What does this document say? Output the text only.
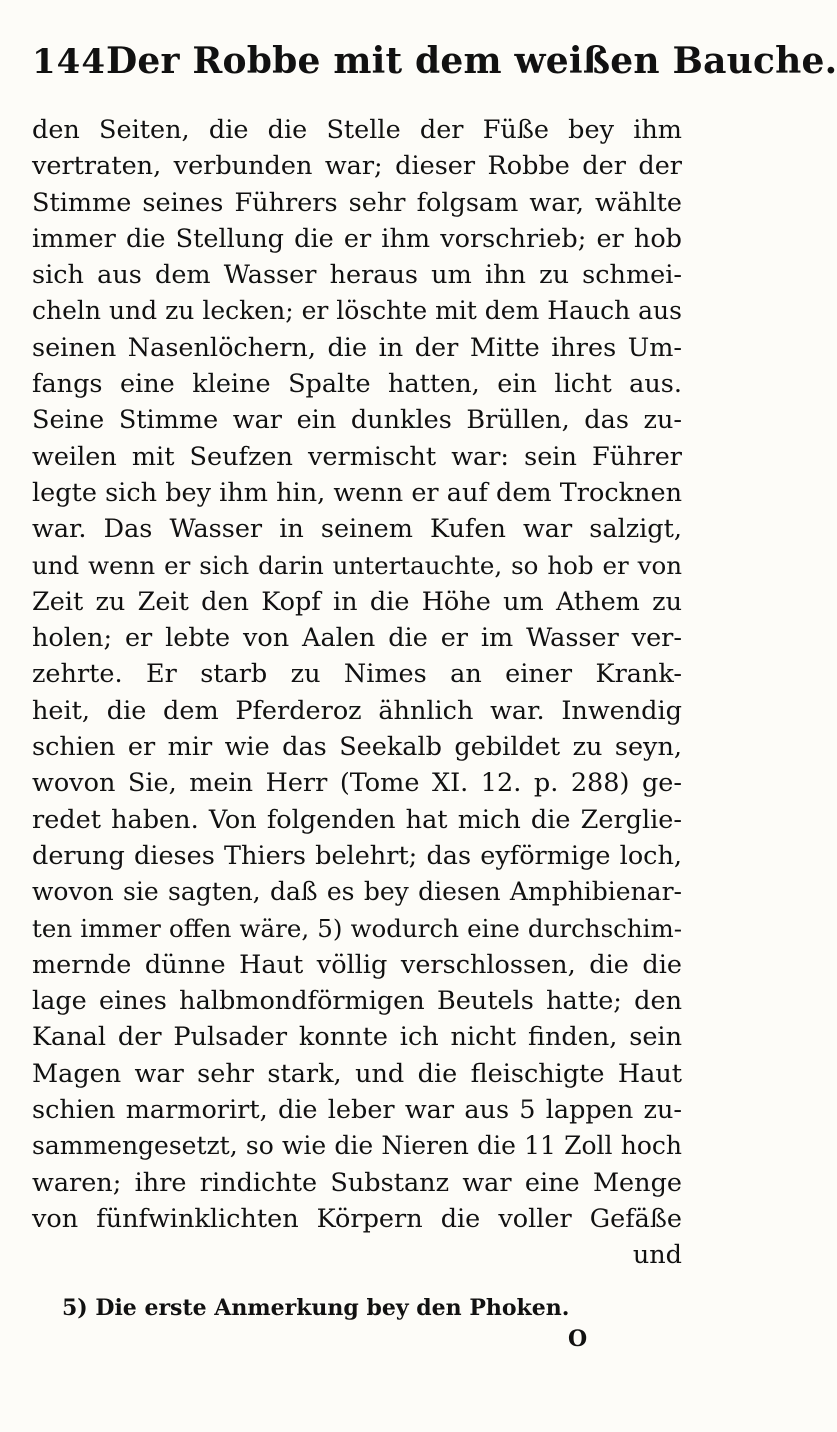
144 Der Robbe mit dem weißen Bauche.
den Seiten, die die Stelle der Füße bey ihm
vertraten, verbunden war; dieser Robbe der der
Stimme seines Führers sehr folgsam war, wählte
immer die Stellung die er ihm vorschrieb; er hob
sich aus dem Wasser heraus um ihn zu schmei-
cheln und zu lecken; er löschte mit dem Hauch aus
seinen Nasenlöchern, die in der Mitte ihres Um-
fangs eine kleine Spalte hatten, ein licht aus.
Seine Stimme war ein dunkles Brüllen, das zu-
weilen mit Seufzen vermischt war: sein Führer
legte sich bey ihm hin, wenn er auf dem Trocknen
war. Das Wasser in seinem Kufen war salzigt,
und wenn er sich darin untertauchte, so hob er von
Zeit zu Zeit den Kopf in die Höhe um Athem zu
holen; er lebte von Aalen die er im Wasser ver-
zehrte. Er starb zu Nimes an einer Krank-
heit, die dem Pferderoz ähnlich war. Inwendig
schien er mir wie das Seekalb gebildet zu seyn,
wovon Sie, mein Herr (Tome XI. 12. p. 288) ge-
redet haben. Von folgenden hat mich die Zerglie-
derung dieses Thiers belehrt; das eyförmige loch,
wovon sie sagten, daß es bey diesen Amphibienar-
ten immer offen wäre, 5) wodurch eine durchschim-
mernde dünne Haut völlig verschlossen, die die
lage eines halbmondförmigen Beutels hatte; den
Kanal der Pulsader konnte ich nicht finden, sein
Magen war sehr stark, und die fleischigte Haut
schien marmorirt, die leber war aus 5 lappen zu-
sammengesetzt, so wie die Nieren die 11 Zoll hoch
waren; ihre rindichte Substanz war eine Menge
von fünfwinklichten Körpern die voller Gefäße
und
5) Die erste Anmerkung bey den Phoken.
O
